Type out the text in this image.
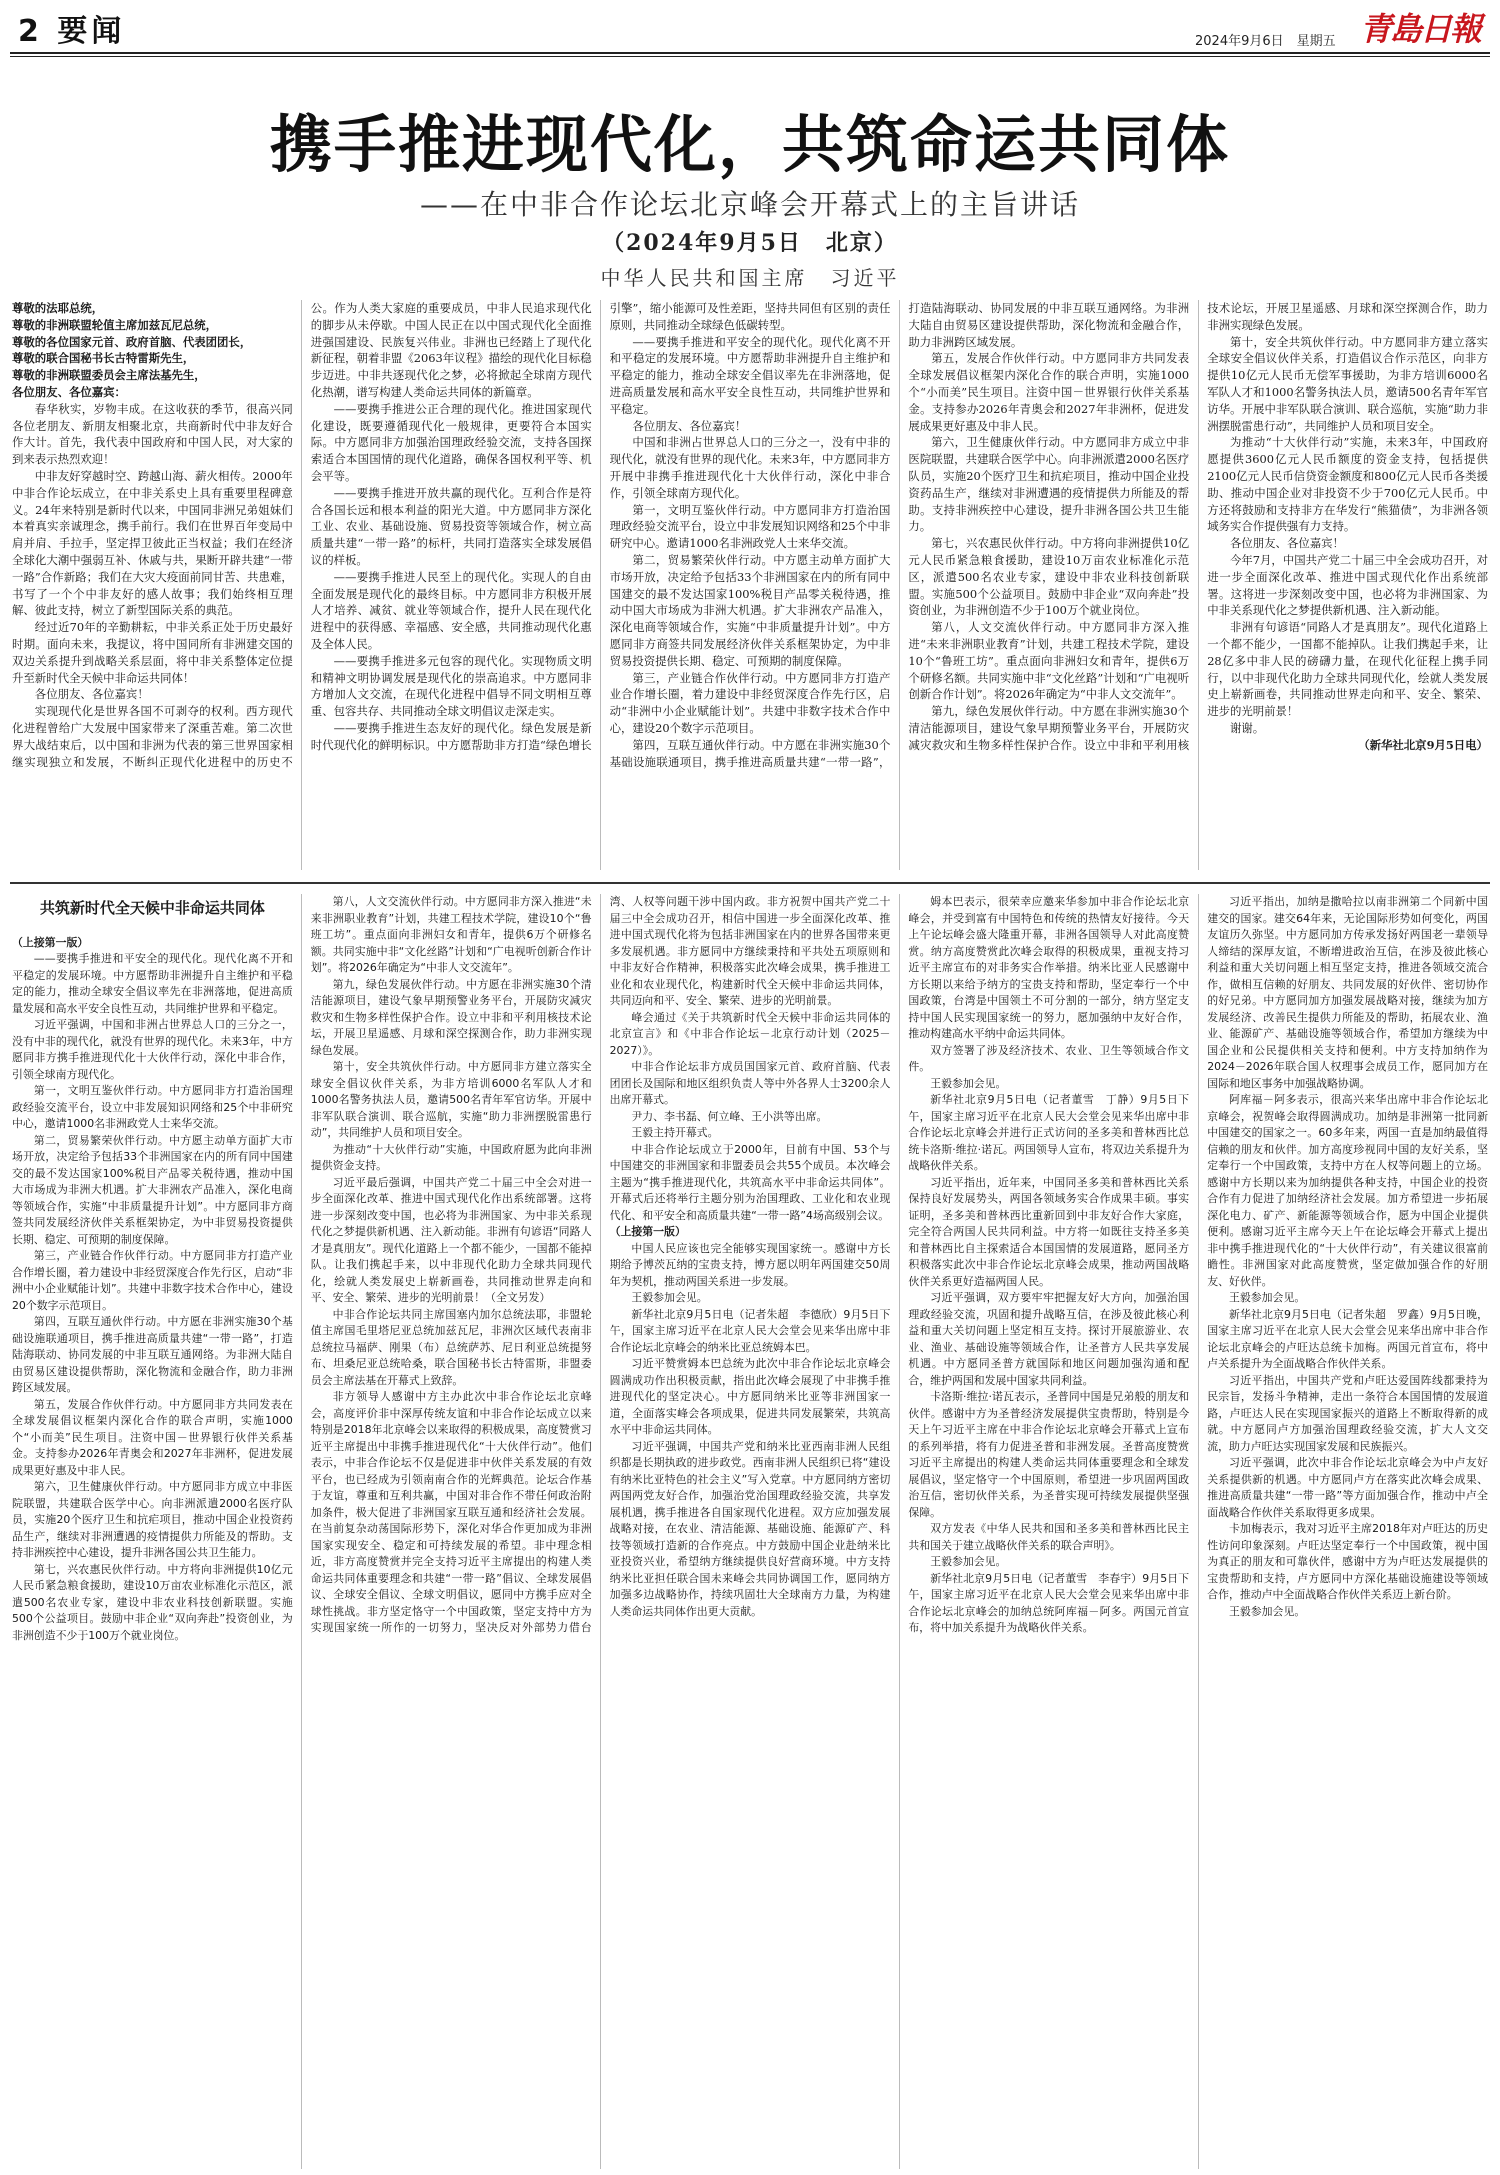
2 要闻	2024年9月6日　星期五 青島日報
携手推进现代化，共筑命运共同体
——在中非合作论坛北京峰会开幕式上的主旨讲话
（2024年9月5日　北京）
中华人民共和国主席　习近平

尊敬的法耶总统，

尊敬的非洲联盟轮值主席加兹瓦尼总统，

尊敬的各位国家元首、政府首脑、代表团团长，

尊敬的联合国秘书长古特雷斯先生，

尊敬的非洲联盟委员会主席法基先生，

各位朋友、各位嘉宾：

春华秋实，岁物丰成。在这收获的季节，很高兴同各位老朋友、新朋友相聚北京，共商新时代中非友好合作大计。首先，我代表中国政府和中国人民，对大家的到来表示热烈欢迎！

中非友好穿越时空、跨越山海、薪火相传。2000年中非合作论坛成立，在中非关系史上具有重要里程碑意义。24年来特别是新时代以来，中国同非洲兄弟姐妹们本着真实亲诚理念，携手前行。我们在世界百年变局中肩并肩、手拉手，坚定捍卫彼此正当权益；我们在经济全球化大潮中强弱互补、休戚与共，果断开辟共建“一带一路”合作新路；我们在大灾大疫面前同甘苦、共患难，书写了一个个中非友好的感人故事；我们始终相互理解、彼此支持，树立了新型国际关系的典范。

经过近70年的辛勤耕耘，中非关系正处于历史最好时期。面向未来，我提议，将中国同所有非洲建交国的双边关系提升到战略关系层面，将中非关系整体定位提升至新时代全天候中非命运共同体！

各位朋友、各位嘉宾！

实现现代化是世界各国不可剥夺的权利。西方现代化进程曾给广大发展中国家带来了深重苦难。第二次世界大战结束后，以中国和非洲为代表的第三世界国家相继实现独立和发展，不断纠正现代化进程中的历史不公。作为人类大家庭的重要成员，中非人民追求现代化的脚步从未停歇。中国人民正在以中国式现代化全面推进强国建设、民族复兴伟业。非洲也已经踏上了现代化新征程，朝着非盟《2063年议程》描绘的现代化目标稳步迈进。中非共逐现代化之梦，必将掀起全球南方现代化热潮，谱写构建人类命运共同体的新篇章。

——要携手推进公正合理的现代化。推进国家现代化建设，既要遵循现代化一般规律，更要符合本国实际。中方愿同非方加强治国理政经验交流，支持各国探索适合本国国情的现代化道路，确保各国权利平等、机会平等。

——要携手推进开放共赢的现代化。互利合作是符合各国长远和根本利益的阳光大道。中方愿同非方深化工业、农业、基础设施、贸易投资等领域合作，树立高质量共建“一带一路”的标杆，共同打造落实全球发展倡议的样板。

——要携手推进人民至上的现代化。实现人的自由全面发展是现代化的最终目标。中方愿同非方积极开展人才培养、减贫、就业等领域合作，提升人民在现代化进程中的获得感、幸福感、安全感，共同推动现代化惠及全体人民。

——要携手推进多元包容的现代化。实现物质文明和精神文明协调发展是现代化的崇高追求。中方愿同非方增加人文交流，在现代化进程中倡导不同文明相互尊重、包容共存、共同推动全球文明倡议走深走实。

——要携手推进生态友好的现代化。绿色发展是新时代现代化的鲜明标识。中方愿帮助非方打造“绿色增长引擎”，缩小能源可及性差距，坚持共同但有区别的责任原则，共同推动全球绿色低碳转型。

——要携手推进和平安全的现代化。现代化离不开和平稳定的发展环境。中方愿帮助非洲提升自主维护和平稳定的能力，推动全球安全倡议率先在非洲落地，促进高质量发展和高水平安全良性互动，共同维护世界和平稳定。

各位朋友、各位嘉宾！

中国和非洲占世界总人口的三分之一，没有中非的现代化，就没有世界的现代化。未来3年，中方愿同非方开展中非携手推进现代化十大伙伴行动，深化中非合作，引领全球南方现代化。

第一，文明互鉴伙伴行动。中方愿同非方打造治国理政经验交流平台，设立中非发展知识网络和25个中非研究中心。邀请1000名非洲政党人士来华交流。

第二，贸易繁荣伙伴行动。中方愿主动单方面扩大市场开放，决定给予包括33个非洲国家在内的所有同中国建交的最不发达国家100%税目产品零关税待遇，推动中国大市场成为非洲大机遇。扩大非洲农产品准入，深化电商等领域合作，实施“中非质量提升计划”。中方愿同非方商签共同发展经济伙伴关系框架协定，为中非贸易投资提供长期、稳定、可预期的制度保障。

第三，产业链合作伙伴行动。中方愿同非方打造产业合作增长圈，着力建设中非经贸深度合作先行区，启动“非洲中小企业赋能计划”。共建中非数字技术合作中心，建设20个数字示范项目。

第四，互联互通伙伴行动。中方愿在非洲实施30个基础设施联通项目，携手推进高质量共建“一带一路”，打造陆海联动、协同发展的中非互联互通网络。为非洲大陆自由贸易区建设提供帮助，深化物流和金融合作，助力非洲跨区域发展。

第五，发展合作伙伴行动。中方愿同非方共同发表全球发展倡议框架内深化合作的联合声明，实施1000个“小而美”民生项目。注资中国－世界银行伙伴关系基金。支持参办2026年青奥会和2027年非洲杯，促进发展成果更好惠及中非人民。

第六，卫生健康伙伴行动。中方愿同非方成立中非医院联盟，共建联合医学中心。向非洲派遣2000名医疗队员，实施20个医疗卫生和抗疟项目，推动中国企业投资药品生产，继续对非洲遭遇的疫情提供力所能及的帮助。支持非洲疾控中心建设，提升非洲各国公共卫生能力。

第七，兴农惠民伙伴行动。中方将向非洲提供10亿元人民币紧急粮食援助，建设10万亩农业标准化示范区，派遣500名农业专家，建设中非农业科技创新联盟。实施500个公益项目。鼓励中非企业“双向奔赴”投资创业，为非洲创造不少于100万个就业岗位。

第八，人文交流伙伴行动。中方愿同非方深入推进“未来非洲职业教育”计划，共建工程技术学院，建设10个“鲁班工坊”。重点面向非洲妇女和青年，提供6万个研修名额。共同实施中非“文化丝路”计划和“广电视听创新合作计划”。将2026年确定为“中非人文交流年”。

第九，绿色发展伙伴行动。中方愿在非洲实施30个清洁能源项目，建设气象早期预警业务平台，开展防灾减灾救灾和生物多样性保护合作。设立中非和平利用核技术论坛，开展卫星遥感、月球和深空探测合作，助力非洲实现绿色发展。

第十，安全共筑伙伴行动。中方愿同非方建立落实全球安全倡议伙伴关系，打造倡议合作示范区，向非方提供10亿元人民币无偿军事援助，为非方培训6000名军队人才和1000名警务执法人员，邀请500名青年军官访华。开展中非军队联合演训、联合巡航，实施“助力非洲摆脱雷患行动”，共同维护人员和项目安全。

为推动“十大伙伴行动”实施，未来3年，中国政府愿提供3600亿元人民币额度的资金支持，包括提供2100亿元人民币信贷资金额度和800亿元人民币各类援助、推动中国企业对非投资不少于700亿元人民币。中方还将鼓励和支持非方在华发行“熊猫债”，为非洲各领域务实合作提供强有力支持。

各位朋友、各位嘉宾！

今年7月，中国共产党二十届三中全会成功召开，对进一步全面深化改革、推进中国式现代化作出系统部署。这将进一步深刻改变中国，也必将为非洲国家、为中非关系现代化之梦提供新机遇、注入新动能。

非洲有句谚语“同路人才是真朋友”。现代化道路上一个都不能少，一国都不能掉队。让我们携起手来，让28亿多中非人民的磅礴力量，在现代化征程上携手同行，以中非现代化助力全球共同现代化，绘就人类发展史上崭新画卷，共同推动世界走向和平、安全、繁荣、进步的光明前景！

谢谢。

（新华社北京9月5日电）

共筑新时代全天候中非命运共同体

（上接第一版）

——要携手推进和平安全的现代化。现代化离不开和平稳定的发展环境。中方愿帮助非洲提升自主维护和平稳定的能力，推动全球安全倡议率先在非洲落地，促进高质量发展和高水平安全良性互动，共同维护世界和平稳定。

习近平强调，中国和非洲占世界总人口的三分之一，没有中非的现代化，就没有世界的现代化。未来3年，中方愿同非方携手推进现代化十大伙伴行动，深化中非合作，引领全球南方现代化。

第一，文明互鉴伙伴行动。中方愿同非方打造治国理政经验交流平台，设立中非发展知识网络和25个中非研究中心，邀请1000名非洲政党人士来华交流。

第二，贸易繁荣伙伴行动。中方愿主动单方面扩大市场开放，决定给予包括33个非洲国家在内的所有同中国建交的最不发达国家100%税目产品零关税待遇，推动中国大市场成为非洲大机遇。扩大非洲农产品准入，深化电商等领域合作，实施“中非质量提升计划”。中方愿同非方商签共同发展经济伙伴关系框架协定，为中非贸易投资提供长期、稳定、可预期的制度保障。

第三，产业链合作伙伴行动。中方愿同非方打造产业合作增长圈，着力建设中非经贸深度合作先行区，启动“非洲中小企业赋能计划”。共建中非数字技术合作中心，建设20个数字示范项目。

第四，互联互通伙伴行动。中方愿在非洲实施30个基础设施联通项目，携手推进高质量共建“一带一路”，打造陆海联动、协同发展的中非互联互通网络。为非洲大陆自由贸易区建设提供帮助，深化物流和金融合作，助力非洲跨区域发展。

第五，发展合作伙伴行动。中方愿同非方共同发表在全球发展倡议框架内深化合作的联合声明，实施1000个“小而美”民生项目。注资中国－世界银行伙伴关系基金。支持参办2026年青奥会和2027年非洲杯，促进发展成果更好惠及中非人民。

第六，卫生健康伙伴行动。中方愿同非方成立中非医院联盟，共建联合医学中心。向非洲派遣2000名医疗队员，实施20个医疗卫生和抗疟项目，推动中国企业投资药品生产，继续对非洲遭遇的疫情提供力所能及的帮助。支持非洲疾控中心建设，提升非洲各国公共卫生能力。

第七，兴农惠民伙伴行动。中方将向非洲提供10亿元人民币紧急粮食援助，建设10万亩农业标准化示范区，派遣500名农业专家，建设中非农业科技创新联盟。实施500个公益项目。鼓励中非企业“双向奔赴”投资创业，为非洲创造不少于100万个就业岗位。

第八，人文交流伙伴行动。中方愿同非方深入推进“未来非洲职业教育”计划，共建工程技术学院，建设10个“鲁班工坊”。重点面向非洲妇女和青年，提供6万个研修名额。共同实施中非“文化丝路”计划和“广电视听创新合作计划”。将2026年确定为“中非人文交流年”。

第九，绿色发展伙伴行动。中方愿在非洲实施30个清洁能源项目，建设气象早期预警业务平台，开展防灾减灾救灾和生物多样性保护合作。设立中非和平利用核技术论坛，开展卫星遥感、月球和深空探测合作，助力非洲实现绿色发展。

第十，安全共筑伙伴行动。中方愿同非方建立落实全球安全倡议伙伴关系，为非方培训6000名军队人才和1000名警务执法人员，邀请500名青年军官访华。开展中非军队联合演训、联合巡航，实施“助力非洲摆脱雷患行动”，共同维护人员和项目安全。

为推动“十大伙伴行动”实施，中国政府愿为此向非洲提供资金支持。

习近平最后强调，中国共产党二十届三中全会对进一步全面深化改革、推进中国式现代化作出系统部署。这将进一步深刻改变中国，也必将为非洲国家、为中非关系现代化之梦提供新机遇、注入新动能。非洲有句谚语“同路人才是真朋友”。现代化道路上一个都不能少，一国都不能掉队。让我们携起手来，以中非现代化助力全球共同现代化，绘就人类发展史上崭新画卷，共同推动世界走向和平、安全、繁荣、进步的光明前景！（全文另发）

中非合作论坛共同主席国塞内加尔总统法耶，非盟轮值主席国毛里塔尼亚总统加兹瓦尼，非洲次区域代表南非总统拉马福萨、刚果（布）总统萨苏、尼日利亚总统提努布、坦桑尼亚总统哈桑，联合国秘书长古特雷斯，非盟委员会主席法基在开幕式上致辞。

非方领导人感谢中方主办此次中非合作论坛北京峰会，高度评价非中深厚传统友谊和中非合作论坛成立以来特别是2018年北京峰会以来取得的积极成果，高度赞赏习近平主席提出中非携手推进现代化“十大伙伴行动”。他们表示，中非合作论坛不仅是促进非中伙伴关系发展的有效平台，也已经成为引领南南合作的光辉典范。论坛合作基于友谊，尊重和互利共赢，中国对非合作不带任何政治附加条件，极大促进了非洲国家互联互通和经济社会发展。在当前复杂动荡国际形势下，深化对华合作更加成为非洲国家实现安全、稳定和可持续发展的希望。非中理念相近，非方高度赞赏并完全支持习近平主席提出的构建人类命运共同体重要理念和共建“一带一路”倡议、全球发展倡议、全球安全倡议、全球文明倡议，愿同中方携手应对全球性挑战。非方坚定恪守一个中国政策，坚定支持中方为实现国家统一所作的一切努力，坚决反对外部势力借台湾、人权等问题干涉中国内政。非方祝贺中国共产党二十届三中全会成功召开，相信中国进一步全面深化改革、推进中国式现代化将为包括非洲国家在内的世界各国带来更多发展机遇。非方愿同中方继续秉持和平共处五项原则和中非友好合作精神，积极落实此次峰会成果，携手推进工业化和农业现代化，构建新时代全天候中非命运共同体，共同迈向和平、安全、繁荣、进步的光明前景。

峰会通过《关于共筑新时代全天候中非命运共同体的北京宣言》和《中非合作论坛－北京行动计划（2025－2027）》。

中非合作论坛非方成员国国家元首、政府首脑、代表团团长及国际和地区组织负责人等中外各界人士3200余人出席开幕式。

尹力、李书磊、何立峰、王小洪等出席。

王毅主持开幕式。

中非合作论坛成立于2000年，目前有中国、53个与中国建交的非洲国家和非盟委员会共55个成员。本次峰会主题为“携手推进现代化，共筑高水平中非命运共同体”。开幕式后还将举行主题分别为治国理政、工业化和农业现代化、和平安全和高质量共建“一带一路”4场高级别会议。

（上接第一版）

中国人民应该也完全能够实现国家统一。感谢中方长期给予博茨瓦纳的宝贵支持，博方愿以明年两国建交50周年为契机，推动两国关系进一步发展。

王毅参加会见。

新华社北京9月5日电（记者朱超　李德欣）9月5日下午，国家主席习近平在北京人民大会堂会见来华出席中非合作论坛北京峰会的纳米比亚总统姆本巴。

习近平赞赏姆本巴总统为此次中非合作论坛北京峰会圆满成功作出积极贡献，指出此次峰会展现了中非携手推进现代化的坚定决心。中方愿同纳米比亚等非洲国家一道，全面落实峰会各项成果，促进共同发展繁荣，共筑高水平中非命运共同体。

习近平强调，中国共产党和纳米比亚西南非洲人民组织都是长期执政的进步政党。西南非洲人民组织已将“建设有纳米比亚特色的社会主义”写入党章。中方愿同纳方密切两国两党友好合作，加强治党治国理政经验交流，共享发展机遇，携手推进各自国家现代化进程。双方应加强发展战略对接，在农业、清洁能源、基础设施、能源矿产、科技等领域打造新的合作亮点。中方鼓励中国企业赴纳米比亚投资兴业，希望纳方继续提供良好营商环境。中方支持纳米比亚担任联合国未来峰会共同协调国工作，愿同纳方加强多边战略协作，持续巩固壮大全球南方力量，为构建人类命运共同体作出更大贡献。

姆本巴表示，很荣幸应邀来华参加中非合作论坛北京峰会，并受到富有中国特色和传统的热情友好接待。今天上午论坛峰会盛大隆重开幕，非洲各国领导人对此高度赞赏。纳方高度赞赏此次峰会取得的积极成果，重视支持习近平主席宣布的对非务实合作举措。纳米比亚人民感谢中方长期以来给予纳方的宝贵支持和帮助，坚定奉行一个中国政策，台湾是中国领土不可分割的一部分，纳方坚定支持中国人民实现国家统一的努力，愿加强纳中友好合作，推动构建高水平纳中命运共同体。

双方签署了涉及经济技术、农业、卫生等领域合作文件。

王毅参加会见。

新华社北京9月5日电（记者董雪　丁静）9月5日下午，国家主席习近平在北京人民大会堂会见来华出席中非合作论坛北京峰会并进行正式访问的圣多美和普林西比总统卡洛斯·维拉·诺瓦。两国领导人宣布，将双边关系提升为战略伙伴关系。

习近平指出，近年来，中国同圣多美和普林西比关系保持良好发展势头，两国各领域务实合作成果丰硕。事实证明，圣多美和普林西比重新回到中非友好合作大家庭，完全符合两国人民共同利益。中方将一如既往支持圣多美和普林西比自主探索适合本国国情的发展道路，愿同圣方积极落实此次中非合作论坛北京峰会成果，推动两国战略伙伴关系更好造福两国人民。

习近平强调，双方要牢牢把握友好大方向，加强治国理政经验交流，巩固和提升战略互信，在涉及彼此核心利益和重大关切问题上坚定相互支持。探讨开展旅游业、农业、渔业、基础设施等领域合作，让圣普方人民共享发展机遇。中方愿同圣普方就国际和地区问题加强沟通和配合，维护两国和发展中国家共同利益。

卡洛斯·维拉·诺瓦表示，圣普同中国是兄弟般的朋友和伙伴。感谢中方为圣普经济发展提供宝贵帮助，特别是今天上午习近平主席在中非合作论坛北京峰会开幕式上宣布的系列举措，将有力促进圣普和非洲发展。圣普高度赞赏习近平主席提出的构建人类命运共同体重要理念和全球发展倡议，坚定恪守一个中国原则，希望进一步巩固两国政治互信，密切伙伴关系，为圣普实现可持续发展提供坚强保障。

双方发表《中华人民共和国和圣多美和普林西比民主共和国关于建立战略伙伴关系的联合声明》。

王毅参加会见。

新华社北京9月5日电（记者董雪　李春宇）9月5日下午，国家主席习近平在北京人民大会堂会见来华出席中非合作论坛北京峰会的加纳总统阿库福－阿多。两国元首宣布，将中加关系提升为战略伙伴关系。

习近平指出，加纳是撒哈拉以南非洲第二个同新中国建交的国家。建交64年来，无论国际形势如何变化，两国友谊历久弥坚。中方愿同加方传承发扬好两国老一辈领导人缔结的深厚友谊，不断增进政治互信，在涉及彼此核心利益和重大关切问题上相互坚定支持，推进各领域交流合作，做相互信赖的好朋友、共同发展的好伙伴、密切协作的好兄弟。中方愿同加方加强发展战略对接，继续为加方发展经济、改善民生提供力所能及的帮助，拓展农业、渔业、能源矿产、基础设施等领域合作，希望加方继续为中国企业和公民提供相关支持和便利。中方支持加纳作为2024－2026年联合国人权理事会成员工作，愿同加方在国际和地区事务中加强战略协调。

阿库福－阿多表示，很高兴来华出席中非合作论坛北京峰会，祝贺峰会取得圆满成功。加纳是非洲第一批同新中国建交的国家之一。60多年来，两国一直是加纳最值得信赖的朋友和伙伴。加方高度珍视同中国的友好关系，坚定奉行一个中国政策，支持中方在人权等问题上的立场。感谢中方长期以来为加纳提供各种支持，中国企业的投资合作有力促进了加纳经济社会发展。加方希望进一步拓展深化电力、矿产、新能源等领域合作，愿为中国企业提供便利。感谢习近平主席今天上午在论坛峰会开幕式上提出非中携手推进现代化的“十大伙伴行动”，有关建议很富前瞻性。非洲国家对此高度赞赏，坚定做加强合作的好朋友、好伙伴。

王毅参加会见。

新华社北京9月5日电（记者朱超　罗鑫）9月5日晚，国家主席习近平在北京人民大会堂会见来华出席中非合作论坛北京峰会的卢旺达总统卡加梅。两国元首宣布，将中卢关系提升为全面战略合作伙伴关系。

习近平指出，中国共产党和卢旺达爱国阵线都秉持为民宗旨，发扬斗争精神，走出一条符合本国国情的发展道路，卢旺达人民在实现国家振兴的道路上不断取得新的成就。中方愿同卢方加强治国理政经验交流，扩大人文交流，助力卢旺达实现国家发展和民族振兴。

习近平强调，此次中非合作论坛北京峰会为中卢友好关系提供新的机遇。中方愿同卢方在落实此次峰会成果、推进高质量共建“一带一路”等方面加强合作，推动中卢全面战略合作伙伴关系取得更多成果。

卡加梅表示，我对习近平主席2018年对卢旺达的历史性访问印象深刻。卢旺达坚定奉行一个中国政策，视中国为真正的朋友和可靠伙伴，感谢中方为卢旺达发展提供的宝贵帮助和支持，卢方愿同中方深化基础设施建设等领域合作，推动卢中全面战略合作伙伴关系迈上新台阶。

王毅参加会见。
